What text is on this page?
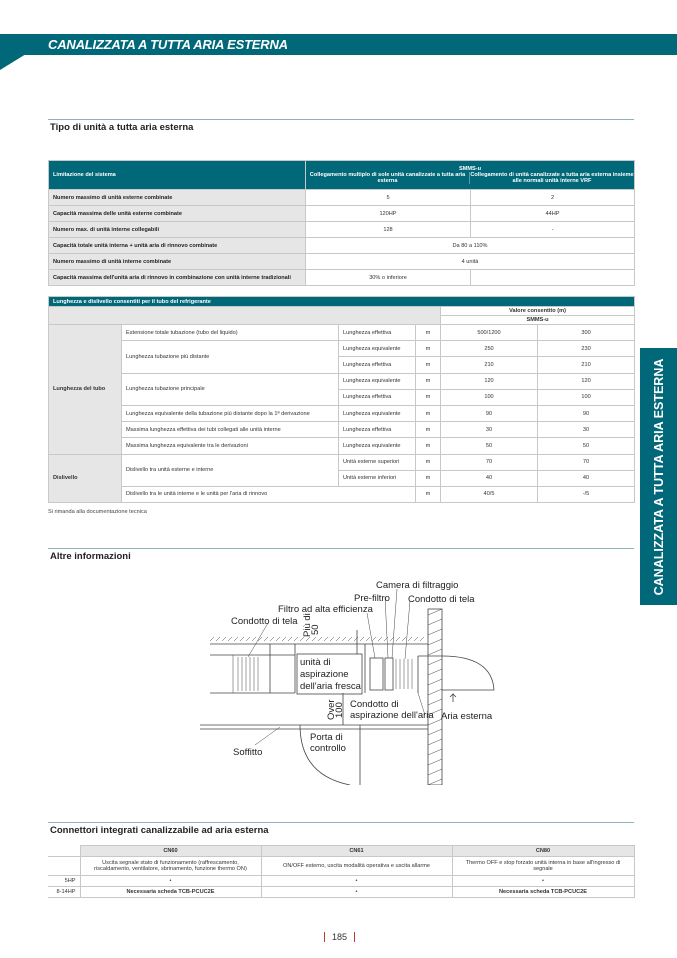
CANALIZZATA A TUTTA ARIA ESTERNA
CANALIZZATA A TUTTA ARIA ESTERNA
Tipo di unità a tutta aria esterna
Limitazione del sistema	SMMS-u
Collegamento multiplo di sole unità canalizzate a tutta aria esterna
Collegamento di unità canalizzate a tutta aria esterna insieme alle normali unità interne VRF	

Numero massimo di unità esterne combinate	5	2
Capacità massima delle unità esterne combinate	120HP	44HP
Numero max. di unità interne collegabili	128	-
Capacità totale unità interna + unità aria di rinnovo combinate	Da 80 a 110%	
Numero massimo di unità interne combinate	4 unità	
Capacità massima dell'unità aria di rinnovo in combinazione con unità interne tradizionali	30% o inferiore	
Lunghezza e dislivello consentiti per il tubo del refrigerante					
				Valore consentito (m)	
				SMMS-u	
Lunghezza del tubo	Estensione totale tubazione (tubo del liquido)	Lunghezza effettiva	m	500/1200	300
	Lunghezza tubazione più distante	Lunghezza equivalente	m	250	230
		Lunghezza effettiva	m	210	210
	Lunghezza tubazione principale	Lunghezza equivalente	m	120	120
		Lunghezza effettiva	m	100	100
	Lunghezza equivalente della tubazione più distante dopo la 1ª derivazione	Lunghezza equivalente	m	90	90
	Massima lunghezza effettiva dei tubi collegati alle unità interne	Lunghezza effettiva	m	30	30
	Massima lunghezza equivalente tra le derivazioni	Lunghezza equivalente	m	50	50
Dislivello	Dislivello tra unità esterne e interne	Unità esterne superiori	m	70	70
		Unità esterne inferiori	m	40	40
	Dislivello tra le unità interne e le unità per l'aria di rinnovo		m	40/5	-/5
Si rimanda alla documentazione tecnica
Altre informazioni
Camera di filtraggio
Pre-filtro Condotto di tela
Filtro ad alta efficienza
Condotto di tela Più di
50
unità di
aspirazione
dell'aria fresca
Over
100 Condotto di
aspirazione dell'aria Aria esterna
Porta di
controllo
Soffitto
Connettori integrati canalizzabile ad aria esterna
	CN60	CN61	CN80
	Uscita segnale stato di funzionamento (raffrescamento, riscaldamento, ventilatore, sbrinamento, funzione thermo ON)	ON/OFF esterno, uscita modalità operativa e uscita allarme	Thermo OFF e stop forzato unità interna in base all'ingresso di segnale
5HP	•	•	•
8-14HP	Necessaria scheda TCB-PCUC2E	•	Necessaria scheda TCB-PCUC2E
185
